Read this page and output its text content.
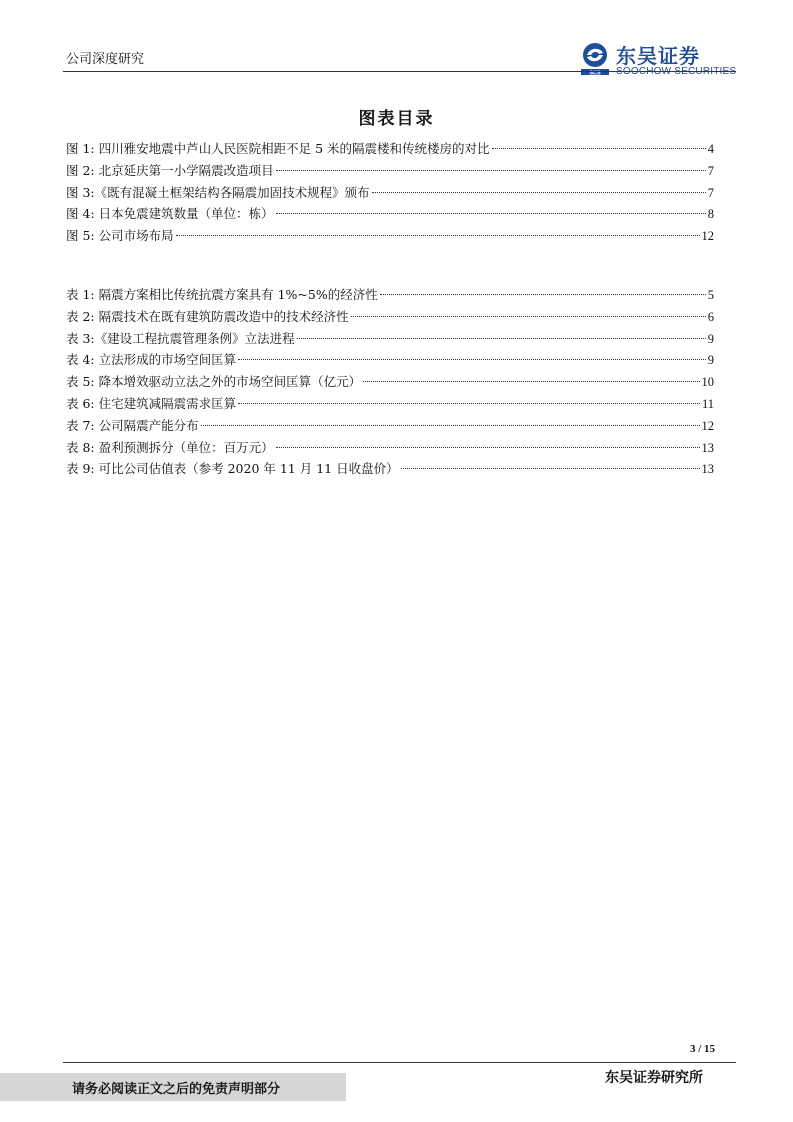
公司深度研究
SCS
东吴证券
SOOCHOW SECURITIES
图表目录
图 1: 四川雅安地震中芦山人民医院相距不足 5 米的隔震楼和传统楼房的对比	4
图 2: 北京延庆第一小学隔震改造项目	7
图 3:《既有混凝土框架结构各隔震加固技术规程》颁布	7
图 4: 日本免震建筑数量（单位：栋）	8
图 5: 公司市场布局	12
表 1: 隔震方案相比传统抗震方案具有 1%~5%的经济性	5
表 2: 隔震技术在既有建筑防震改造中的技术经济性	6
表 3:《建设工程抗震管理条例》立法进程	9
表 4: 立法形成的市场空间匡算	9
表 5: 降本增效驱动立法之外的市场空间匡算（亿元）	10
表 6: 住宅建筑减隔震需求匡算	11
表 7: 公司隔震产能分布	12
表 8: 盈利预测拆分（单位：百万元）	13
表 9: 可比公司估值表（参考 2020 年 11 月 11 日收盘价）	13
3 / 15
请务必阅读正文之后的免责声明部分
东吴证券研究所
